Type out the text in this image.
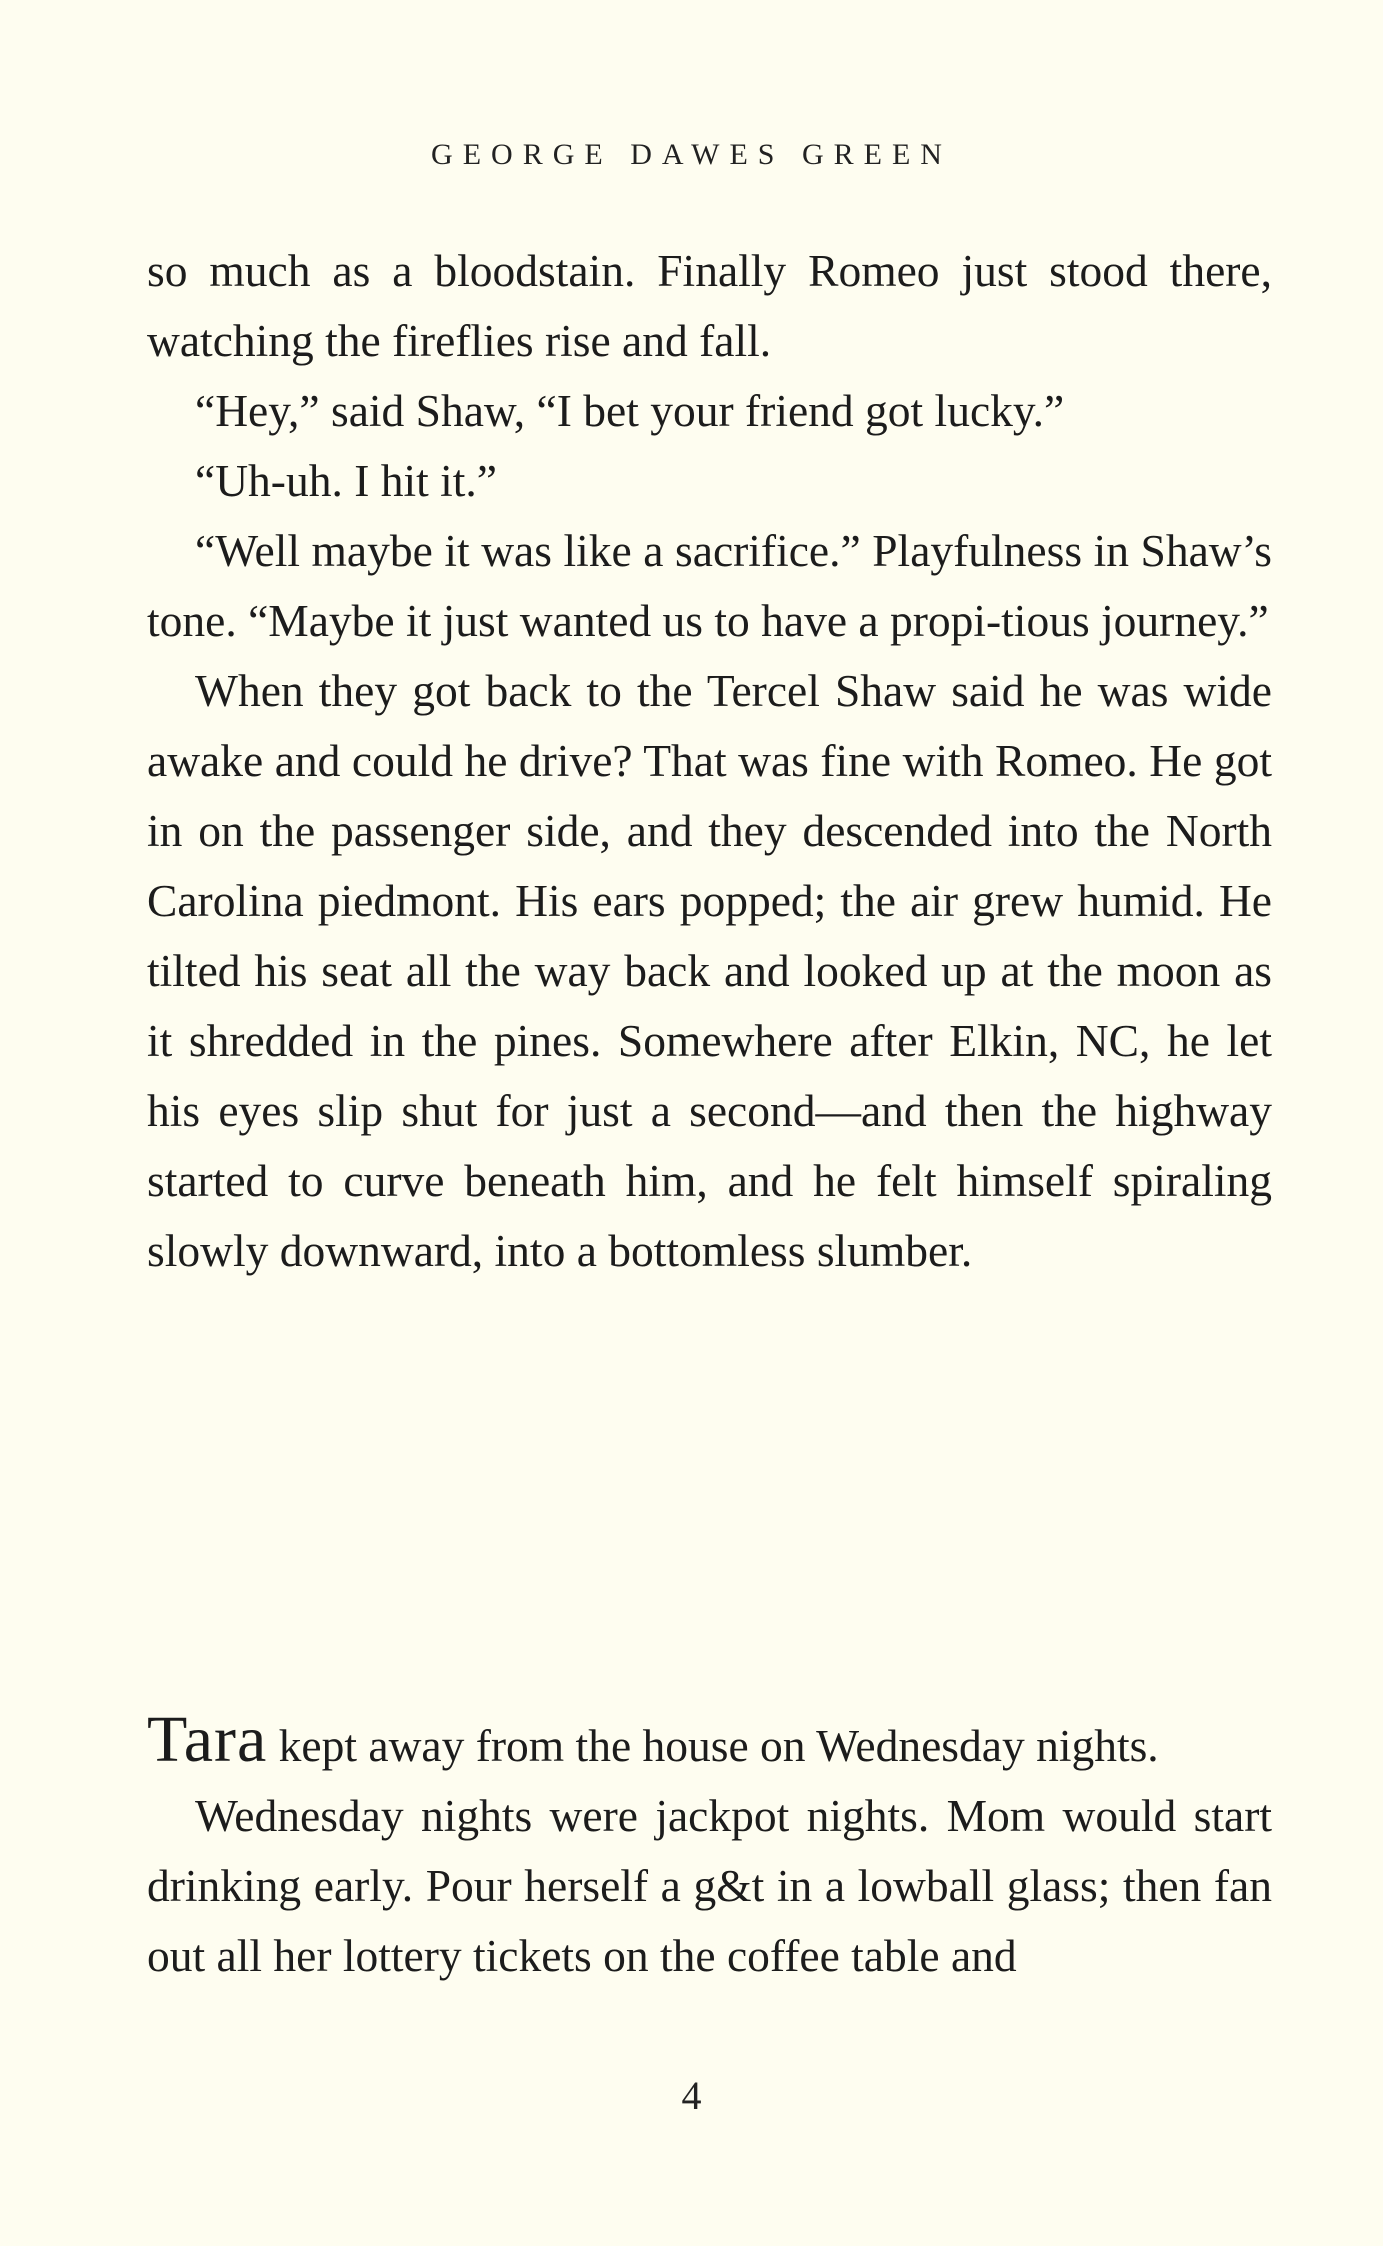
GEORGE DAWES GREEN

so much as a bloodstain. Finally Romeo just stood there, watching the fireflies rise and fall.

“Hey,” said Shaw, “I bet your friend got lucky.”

“Uh-uh. I hit it.”

“Well maybe it was like a sacrifice.” Playfulness in Shaw’s tone. “Maybe it just wanted us to have a propi-tious journey.”

When they got back to the Tercel Shaw said he was wide awake and could he drive? That was fine with Romeo. He got in on the passenger side, and they descended into the North Carolina piedmont. His ears popped; the air grew humid. He tilted his seat all the way back and looked up at the moon as it shredded in the pines. Somewhere after Elkin, NC, he let his eyes slip shut for just a second—and then the highway started to curve beneath him, and he felt himself spiraling slowly downward, into a bottomless slumber.

Tara kept away from the house on Wednesday nights.

Wednesday nights were jackpot nights. Mom would start drinking early. Pour herself a g&t in a lowball glass; then fan out all her lottery tickets on the coffee table and

4
